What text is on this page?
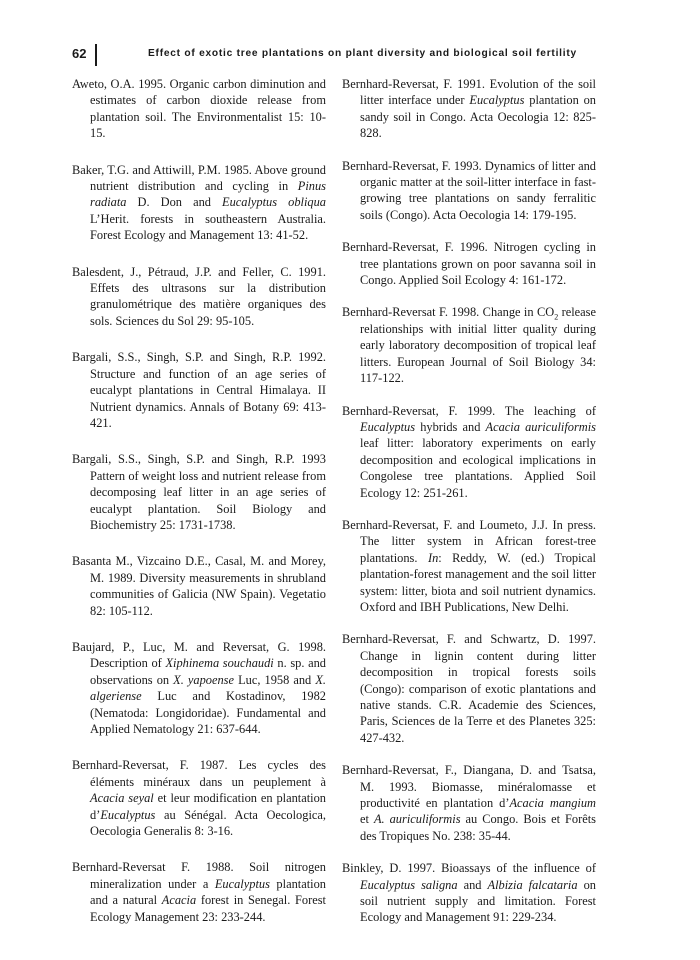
62	Effect of exotic tree plantations on plant diversity and biological soil fertility

Aweto, O.A. 1995. Organic carbon diminution and estimates of carbon dioxide release from plantation soil. The Environmentalist 15: 10-15.

Baker, T.G. and Attiwill, P.M. 1985. Above ground nutrient distribution and cycling in Pinus radiata D. Don and Eucalyptus obliqua L’Herit. forests in southeastern Australia. Forest Ecology and Management 13: 41-52.

Balesdent, J., Pétraud, J.P. and Feller, C. 1991. Effets des ultrasons sur la distribution granulométrique des matière organiques des sols. Sciences du Sol 29: 95-105.

Bargali, S.S., Singh, S.P. and Singh, R.P. 1992. Structure and function of an age series of eucalypt plantations in Central Himalaya. II Nutrient dynamics. Annals of Botany 69: 413-421.

Bargali, S.S., Singh, S.P. and Singh, R.P. 1993 Pattern of weight loss and nutrient release from decomposing leaf litter in an age series of eucalypt plantation. Soil Biology and Biochemistry 25: 1731-1738.

Basanta M., Vizcaino D.E., Casal, M. and Morey, M. 1989. Diversity measurements in shrubland communities of Galicia (NW Spain). Vegetatio 82: 105-112.

Baujard, P., Luc, M. and Reversat, G. 1998. Description of Xiphinema souchaudi n. sp. and observations on X. yapoense Luc, 1958 and X. algeriense Luc and Kostadinov, 1982 (Nematoda: Longidoridae). Fundamental and Applied Nematology 21: 637-644.

Bernhard-Reversat, F. 1987. Les cycles des éléments minéraux dans un peuplement à Acacia seyal et leur modification en plantation d’Eucalyptus au Sénégal. Acta Oecologica, Oecologia Generalis 8: 3-16.

Bernhard-Reversat F. 1988. Soil nitrogen mineralization under a Eucalyptus plantation and a natural Acacia forest in Senegal. Forest Ecology Management 23: 233-244.

Bernhard-Reversat, F. 1991. Evolution of the soil litter interface under Eucalyptus plantation on sandy soil in Congo. Acta Oecologia 12: 825-828.

Bernhard-Reversat, F. 1993. Dynamics of litter and organic matter at the soil-litter interface in fast-growing tree plantations on sandy ferralitic soils (Congo). Acta Oecologia 14: 179-195.

Bernhard-Reversat, F. 1996. Nitrogen cycling in tree plantations grown on poor savanna soil in Congo. Applied Soil Ecology 4: 161-172.

Bernhard-Reversat F. 1998. Change in $CO_2$ release relationships with initial litter quality during early laboratory decomposition of tropical leaf litters. European Journal of Soil Biology 34: 117-122.

Bernhard-Reversat, F. 1999. The leaching of Eucalyptus hybrids and Acacia auriculiformis leaf litter: laboratory experiments on early decomposition and ecological implications in Congolese tree plantations. Applied Soil Ecology 12: 251-261.

Bernhard-Reversat, F. and Loumeto, J.J. In press. The litter system in African forest-tree plantations. In: Reddy, W. (ed.) Tropical plantation-forest management and the soil litter system: litter, biota and soil nutrient dynamics. Oxford and IBH Publications, New Delhi.

Bernhard-Reversat, F. and Schwartz, D. 1997. Change in lignin content during litter decomposition in tropical forests soils (Congo): comparison of exotic plantations and native stands. C.R. Academie des Sciences, Paris, Sciences de la Terre et des Planetes 325: 427-432.

Bernhard-Reversat, F., Diangana, D. and Tsatsa, M. 1993. Biomasse, minéralomasse et productivité en plantation d’Acacia mangium et A. auriculiformis au Congo. Bois et Forêts des Tropiques No. 238: 35-44.

Binkley, D. 1997. Bioassays of the influence of Eucalyptus saligna and Albizia falcataria on soil nutrient supply and limitation. Forest Ecology and Management 91: 229-234.
